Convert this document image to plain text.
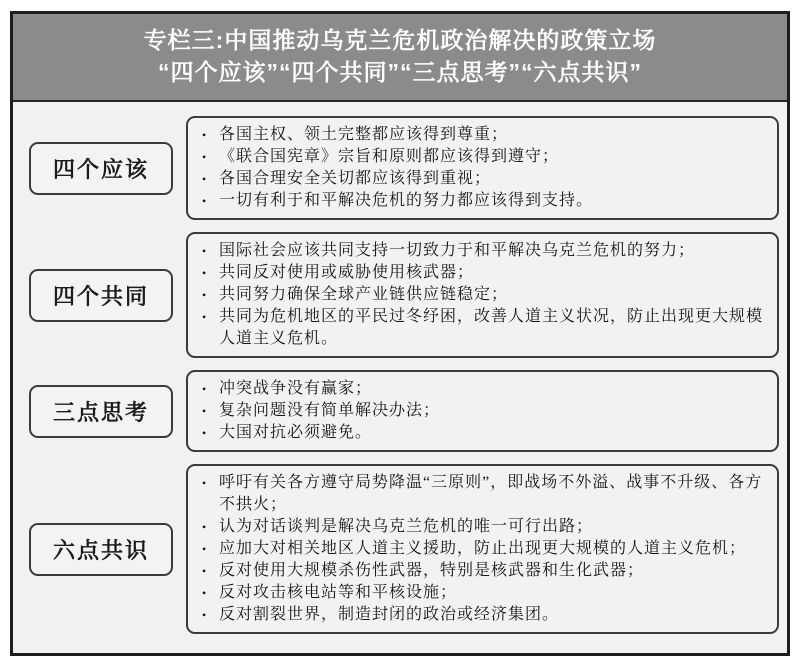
专栏三:中国推动乌克兰危机政治解决的政策立场
“四个应该”“四个共同”“三点思考”“六点共识”
四个应该
• 各国主权、领土完整都应该得到尊重；
• 《联合国宪章》宗旨和原则都应该得到遵守；
• 各国合理安全关切都应该得到重视；
• 一切有利于和平解决危机的努力都应该得到支持。
四个共同
• 国际社会应该共同支持一切致力于和平解决乌克兰危机的努力；
• 共同反对使用或威胁使用核武器；
• 共同努力确保全球产业链供应链稳定；
• 共同为危机地区的平民过冬纾困，改善人道主义状况，防止出现更大规模人道主义危机。
三点思考
• 冲突战争没有赢家；
• 复杂问题没有简单解决办法；
• 大国对抗必须避免。
六点共识
• 呼吁有关各方遵守局势降温“三原则”，即战场不外溢、战事不升级、各方不拱火；
• 认为对话谈判是解决乌克兰危机的唯一可行出路；
• 应加大对相关地区人道主义援助，防止出现更大规模的人道主义危机；
• 反对使用大规模杀伤性武器，特别是核武器和生化武器；
• 反对攻击核电站等和平核设施；
• 反对割裂世界，制造封闭的政治或经济集团。
